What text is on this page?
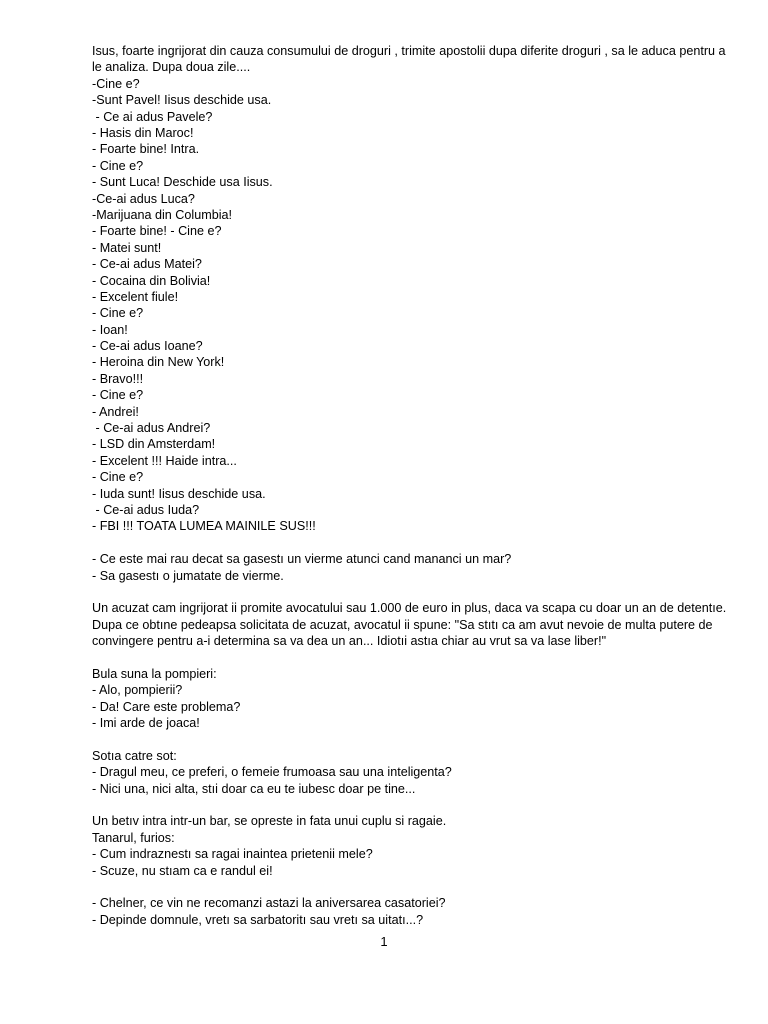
Isus, foarte ingrijorat din cauza consumului de droguri , trimite apostolii dupa diferite droguri , sa le aduca pentru a le analiza. Dupa doua zile....

-Cine e?
-Sunt Pavel! Iisus deschide usa.
- Ce ai adus Pavele?
- Hasis din Maroc!
- Foarte bine! Intra.
- Cine e?
- Sunt Luca! Deschide usa Iisus.
-Ce-ai adus Luca?
-Marijuana din Columbia!
- Foarte bine! - Cine e?
- Matei sunt!
- Ce-ai adus Matei?
- Cocaina din Bolivia!
- Excelent fiule!
- Cine e?
- Ioan!
- Ce-ai adus Ioane?
- Heroina din New York!
- Bravo!!!
- Cine e?
- Andrei!
- Ce-ai adus Andrei?
- LSD din Amsterdam!
- Excelent !!! Haide intra...
- Cine e?
- Iuda sunt! Iisus deschide usa.
- Ce-ai adus Iuda?
- FBI !!! TOATA LUMEA MAINILE SUS!!!
- Ce este mai rau decat sa gasestı un vierme atunci cand mananci un mar?
- Sa gasestı o jumatate de vierme.

Un acuzat cam ingrijorat ii promite avocatului sau 1.000 de euro in plus, daca va scapa cu doar un an de detentıe. Dupa ce obtıne pedeapsa solicitata de acuzat, avocatul ii spune: "Sa stıtı ca am avut nevoie de multa putere de convingere pentru a-i determina sa va dea un an... Idiotıi astıa chiar au vrut sa va lase liber!"

Bula suna la pompieri:
- Alo, pompierii?
- Da! Care este problema?
- Imi arde de joaca!
Sotıa catre sot:
- Dragul meu, ce preferi, o femeie frumoasa sau una inteligenta?
- Nici una, nici alta, stıi doar ca eu te iubesc doar pe tine...
Un betıv intra intr-un bar, se opreste in fata unui cuplu si ragaie.
Tanarul, furios:
- Cum indraznestı sa ragai inaintea prietenii mele?
- Scuze, nu stıam ca e randul ei!
- Chelner, ce vin ne recomanzi astazi la aniversarea casatoriei?
- Depinde domnule, vretı sa sarbatoritı sau vretı sa uitatı...?
1
